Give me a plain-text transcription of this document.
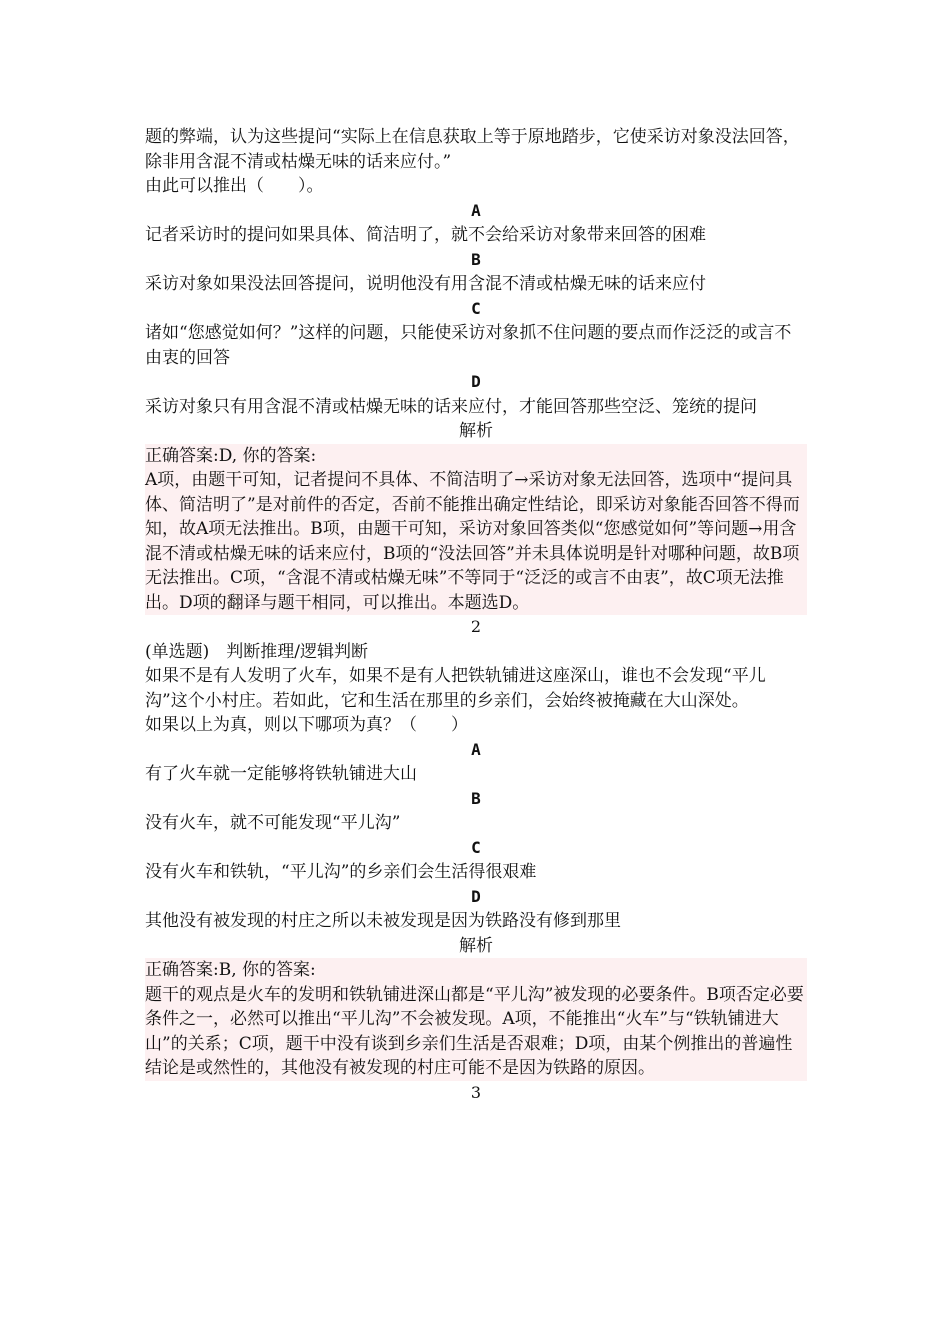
题的弊端，认为这些提问“实际上在信息获取上等于原地踏步，它使采访对象没法回答，除非用含混不清或枯燥无味的话来应付。”

由此可以推出（　　）。

A

记者采访时的提问如果具体、简洁明了，就不会给采访对象带来回答的困难

B

采访对象如果没法回答提问，说明他没有用含混不清或枯燥无味的话来应付

C

诸如“您感觉如何？”这样的问题，只能使采访对象抓不住问题的要点而作泛泛的或言不由衷的回答

D

采访对象只有用含混不清或枯燥无味的话来应付，才能回答那些空泛、笼统的提问

解析

正确答案:D, 你的答案:

A项，由题干可知，记者提问不具体、不简洁明了→采访对象无法回答，选项中“提问具体、简洁明了”是对前件的否定，否前不能推出确定性结论，即采访对象能否回答不得而知，故A项无法推出。B项，由题干可知，采访对象回答类似“您感觉如何”等问题→用含混不清或枯燥无味的话来应付，B项的“没法回答”并未具体说明是针对哪种问题，故B项无法推出。C项，“含混不清或枯燥无味”不等同于“泛泛的或言不由衷”，故C项无法推出。D项的翻译与题干相同，可以推出。本题选D。

2

(单选题)　判断推理/逻辑判断

如果不是有人发明了火车，如果不是有人把铁轨铺进这座深山，谁也不会发现“平儿沟”这个小村庄。若如此，它和生活在那里的乡亲们，会始终被掩藏在大山深处。

如果以上为真，则以下哪项为真？（　　）

A

有了火车就一定能够将铁轨铺进大山

B

没有火车，就不可能发现“平儿沟”

C

没有火车和铁轨，“平儿沟”的乡亲们会生活得很艰难

D

其他没有被发现的村庄之所以未被发现是因为铁路没有修到那里

解析

正确答案:B, 你的答案:

题干的观点是火车的发明和铁轨铺进深山都是“平儿沟”被发现的必要条件。B项否定必要条件之一，必然可以推出“平儿沟”不会被发现。A项，不能推出“火车”与“铁轨铺进大山”的关系；C项，题干中没有谈到乡亲们生活是否艰难；D项，由某个例推出的普遍性结论是或然性的，其他没有被发现的村庄可能不是因为铁路的原因。

3
